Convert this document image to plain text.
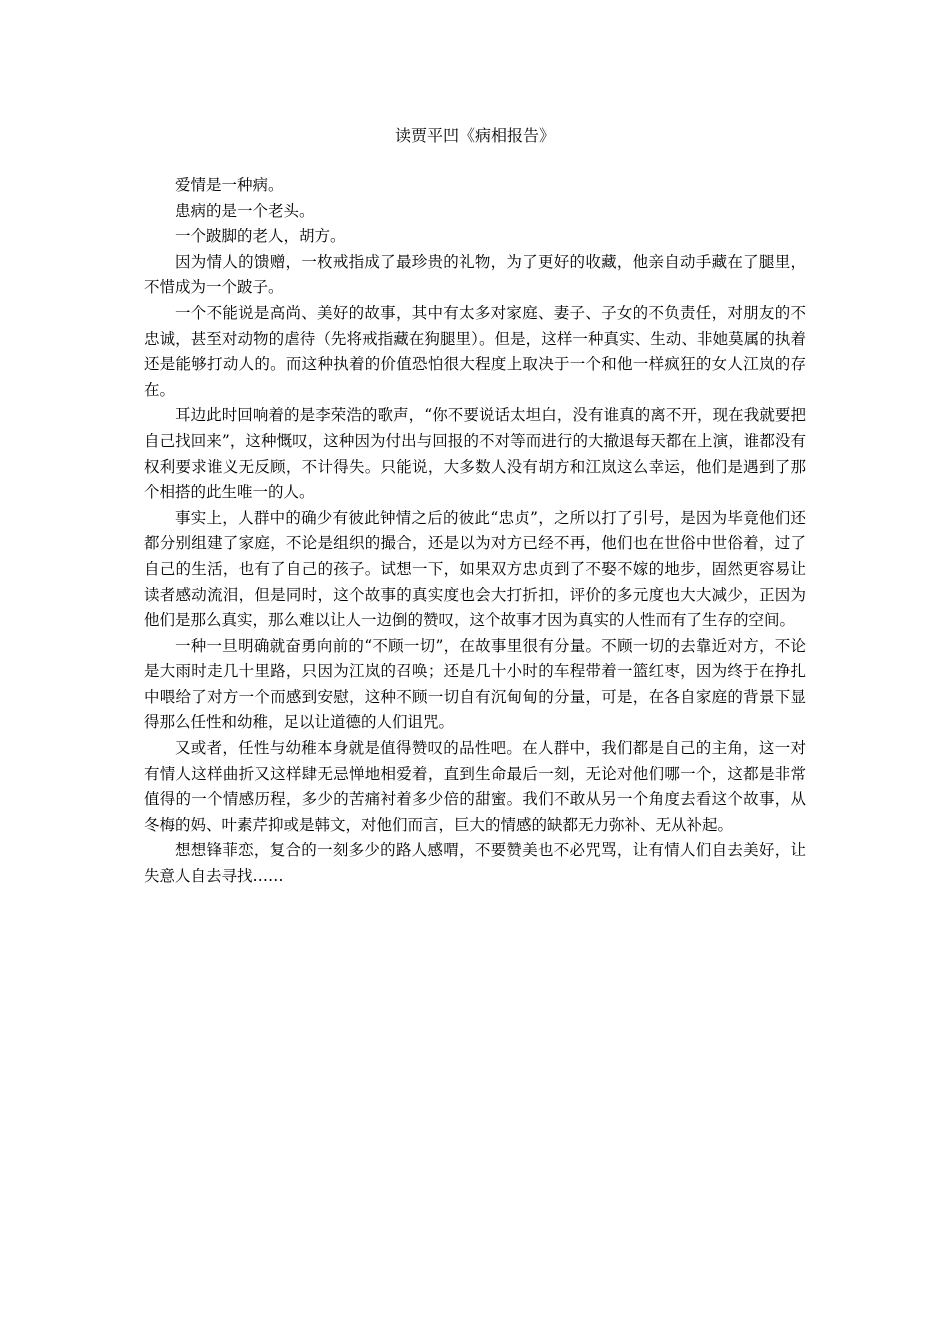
读贾平凹《病相报告》

爱情是一种病。

患病的是一个老头。

一个跛脚的老人，胡方。

因为情人的馈赠，一枚戒指成了最珍贵的礼物，为了更好的收藏，他亲自动手藏在了腿里，不惜成为一个跛子。

一个不能说是高尚、美好的故事，其中有太多对家庭、妻子、子女的不负责任，对朋友的不忠诚，甚至对动物的虐待（先将戒指藏在狗腿里）。但是，这样一种真实、生动、非她莫属的执着还是能够打动人的。而这种执着的价值恐怕很大程度上取决于一个和他一样疯狂的女人江岚的存在。

耳边此时回响着的是李荣浩的歌声，“你不要说话太坦白，没有谁真的离不开，现在我就要把自己找回来”，这种慨叹，这种因为付出与回报的不对等而进行的大撤退每天都在上演，谁都没有权利要求谁义无反顾，不计得失。只能说，大多数人没有胡方和江岚这么幸运，他们是遇到了那个相搭的此生唯一的人。

事实上，人群中的确少有彼此钟情之后的彼此“忠贞”，之所以打了引号，是因为毕竟他们还都分别组建了家庭，不论是组织的撮合，还是以为对方已经不再，他们也在世俗中世俗着，过了自己的生活，也有了自己的孩子。试想一下，如果双方忠贞到了不娶不嫁的地步，固然更容易让读者感动流泪，但是同时，这个故事的真实度也会大打折扣，评价的多元度也大大减少，正因为他们是那么真实，那么难以让人一边倒的赞叹，这个故事才因为真实的人性而有了生存的空间。

一种一旦明确就奋勇向前的“不顾一切”，在故事里很有分量。不顾一切的去靠近对方，不论是大雨时走几十里路，只因为江岚的召唤；还是几十小时的车程带着一篮红枣，因为终于在挣扎中喂给了对方一个而感到安慰，这种不顾一切自有沉甸甸的分量，可是，在各自家庭的背景下显得那么任性和幼稚，足以让道德的人们诅咒。

又或者，任性与幼稚本身就是值得赞叹的品性吧。在人群中，我们都是自己的主角，这一对有情人这样曲折又这样肆无忌惮地相爱着，直到生命最后一刻，无论对他们哪一个，这都是非常值得的一个情感历程，多少的苦痛衬着多少倍的甜蜜。我们不敢从另一个角度去看这个故事，从冬梅的妈、叶素芹抑或是韩文，对他们而言，巨大的情感的缺都无力弥补、无从补起。

想想锋菲恋，复合的一刻多少的路人感喟，不要赞美也不必咒骂，让有情人们自去美好，让失意人自去寻找……
